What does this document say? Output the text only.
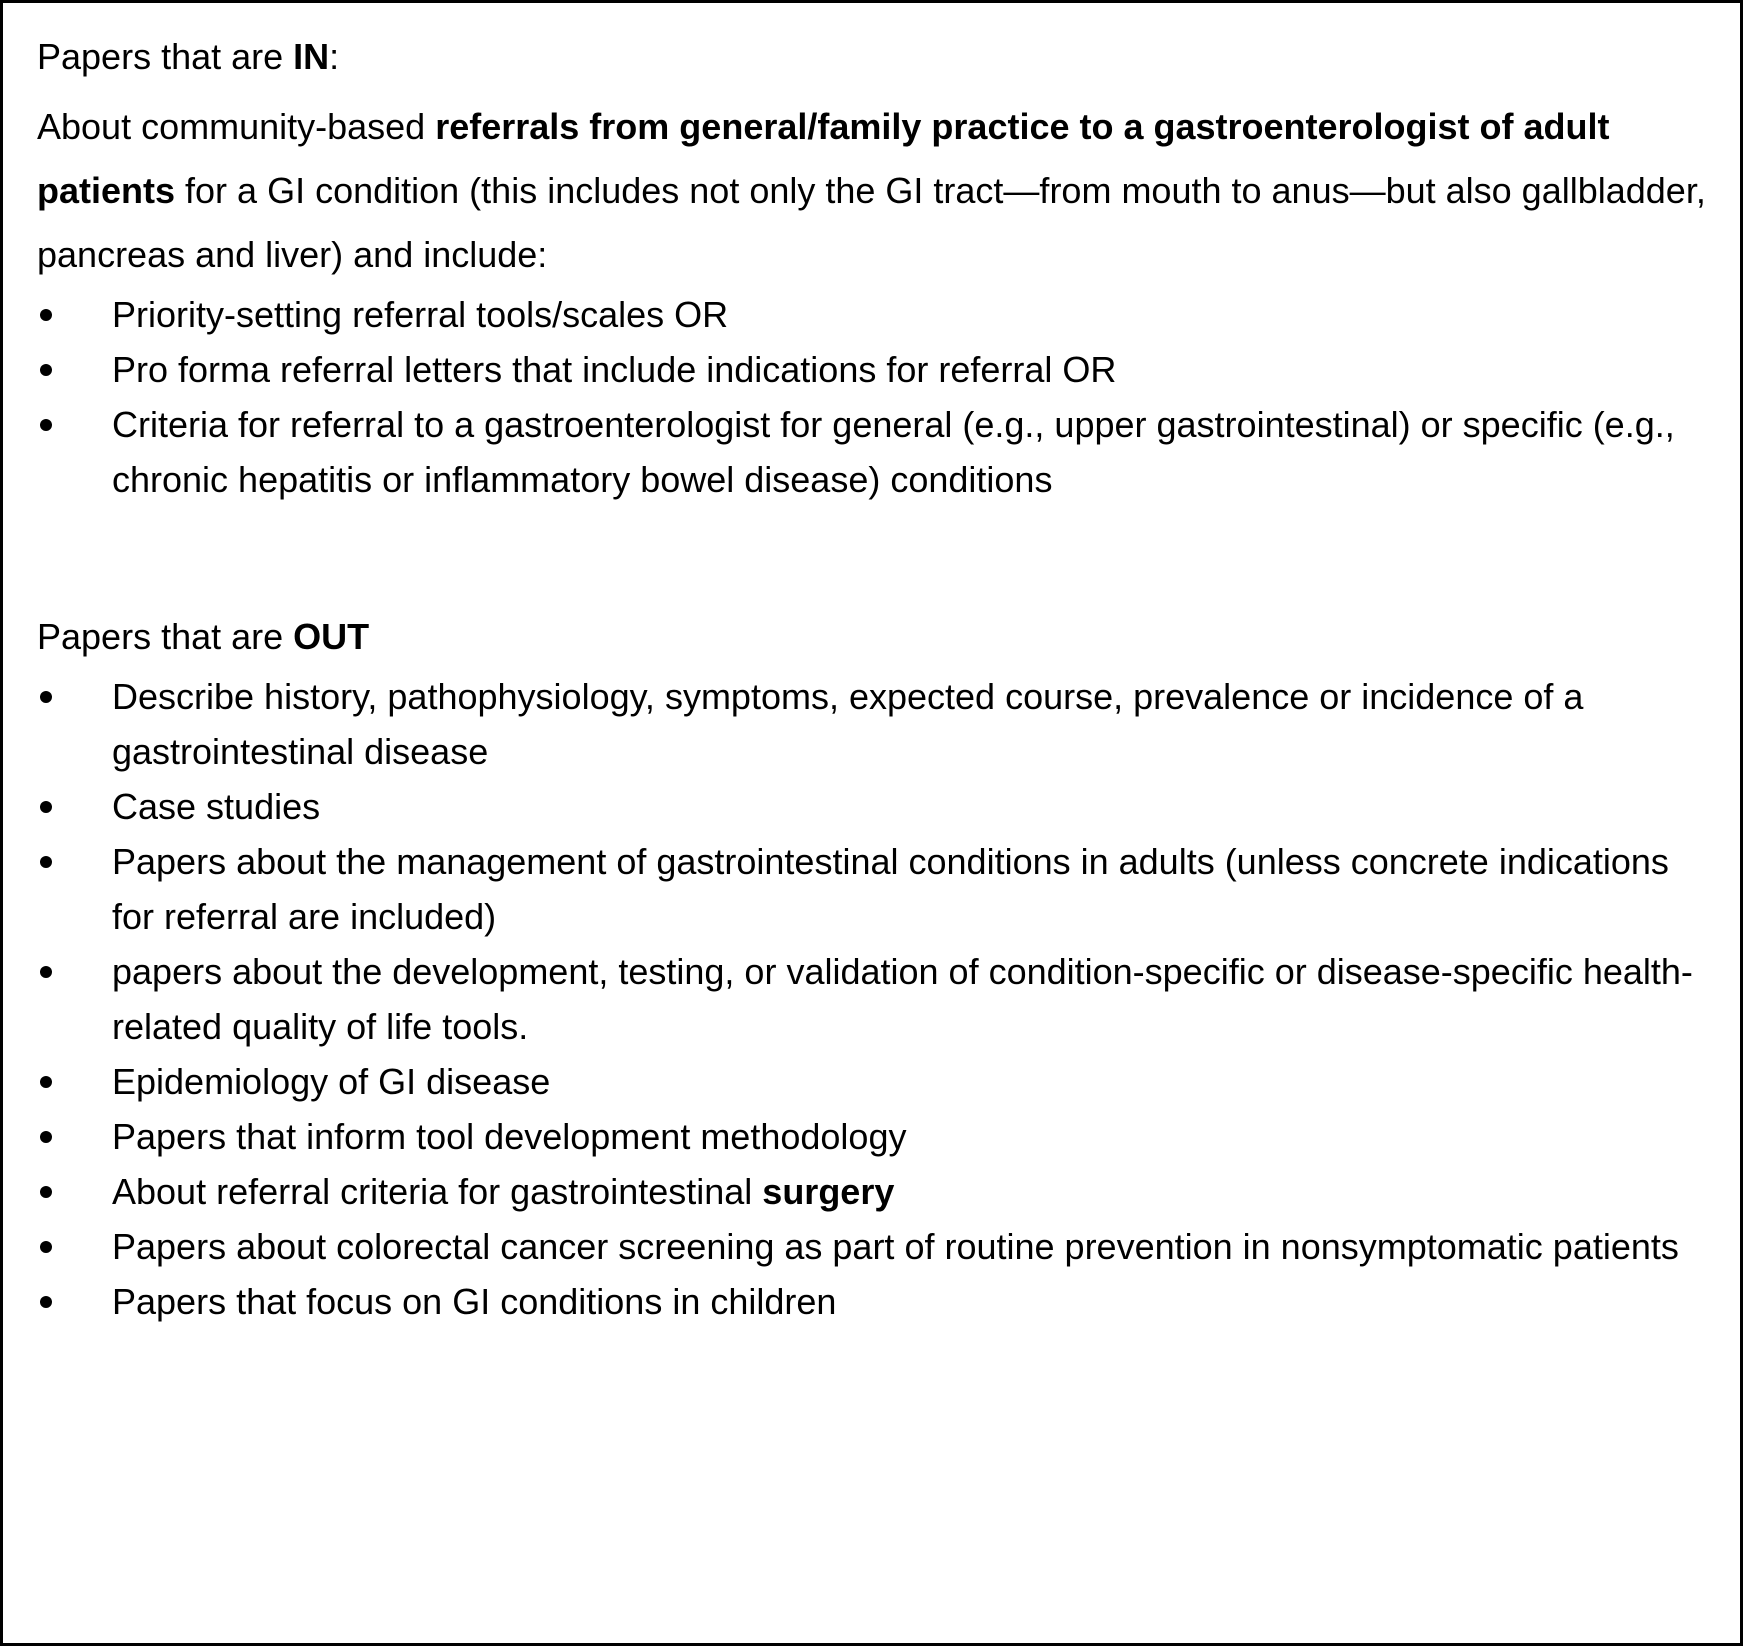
Papers that are IN:

About community-based referrals from general/family practice to a gastroenterologist of adult patients for a GI condition (this includes not only the GI tract—from mouth to anus—but also gallbladder, pancreas and liver) and include:

Priority-setting referral tools/scales OR
Pro forma referral letters that include indications for referral OR
Criteria for referral to a gastroenterologist for general (e.g., upper gastrointestinal) or specific (e.g., chronic hepatitis or inflammatory bowel disease) conditions

Papers that are OUT

Describe history, pathophysiology, symptoms, expected course, prevalence or incidence of a gastrointestinal disease
Case studies
Papers about the management of gastrointestinal conditions in adults (unless concrete indications for referral are included)
papers about the development, testing, or validation of condition-specific or disease-specific health-related quality of life tools.
Epidemiology of GI disease
Papers that inform tool development methodology
About referral criteria for gastrointestinal surgery
Papers about colorectal cancer screening as part of routine prevention in nonsymptomatic patients
Papers that focus on GI conditions in children
